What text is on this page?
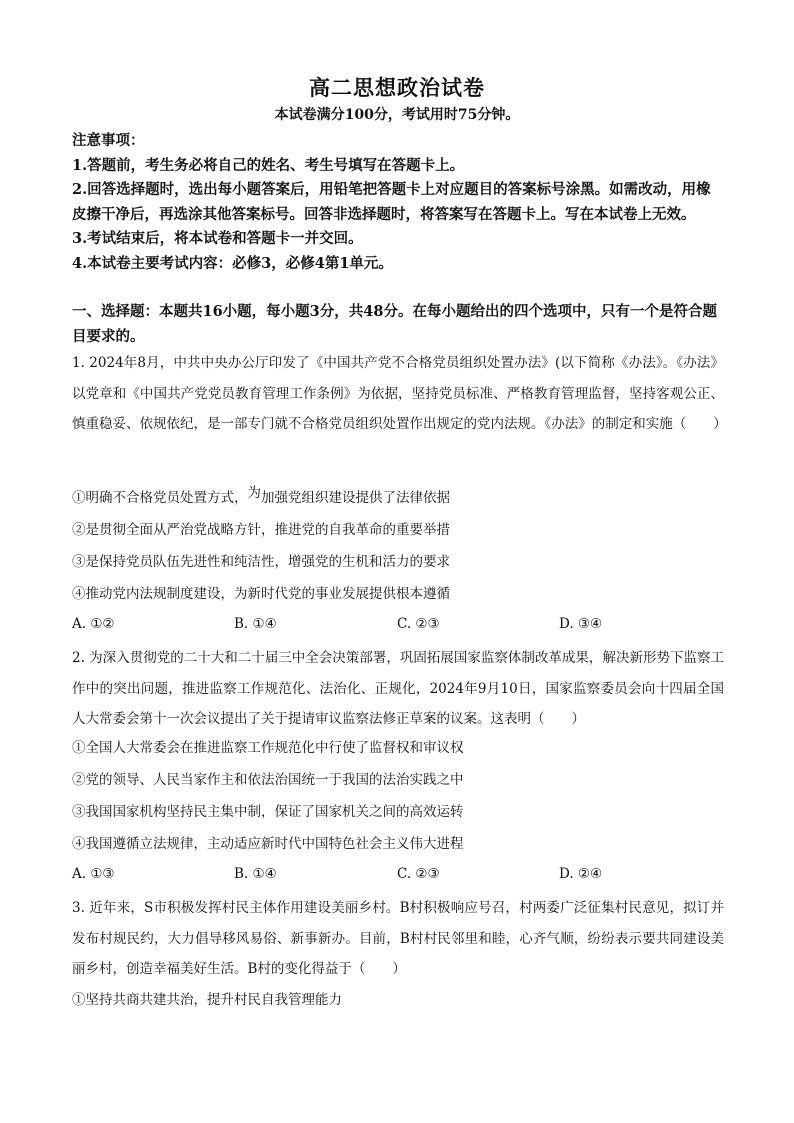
高二思想政治试卷
本试卷满分100分，考试用时75分钟。
注意事项：
1.答题前，考生务必将自己的姓名、考生号填写在答题卡上。
2.回答选择题时，选出每小题答案后，用铅笔把答题卡上对应题目的答案标号涂黑。如需改动，用橡皮擦干净后，再选涂其他答案标号。回答非选择题时，将答案写在答题卡上。写在本试卷上无效。
3.考试结束后，将本试卷和答题卡一并交回。
4.本试卷主要考试内容：必修3，必修4第1单元。
一、选择题：本题共16小题，每小题3分，共48分。在每小题给出的四个选项中，只有一个是符合题目要求的。
1. 2024年8月，中共中央办公厅印发了《中国共产党不合格党员组织处置办法》(以下简称《办法》。《办法》以党章和《中国共产党党员教育管理工作条例》为依据，坚持党员标准、严格教育管理监督，坚持客观公正、慎重稳妥、依规依纪，是一部专门就不合格党员组织处置作出规定的党内法规。《办法》的制定和实施（　　）
①明确不合格党员处置方式，为加强党组织建设提供了法律依据
②是贯彻全面从严治党战略方针，推进党的自我革命的重要举措
③是保持党员队伍先进性和纯洁性，增强党的生机和活力的要求
④推动党内法规制度建设，为新时代党的事业发展提供根本遵循
A. ①②	B. ①④	C. ②③	D. ③④
2. 为深入贯彻党的二十大和二十届三中全会决策部署，巩固拓展国家监察体制改革成果，解决新形势下监察工作中的突出问题，推进监察工作规范化、法治化、正规化，2024年9月10日，国家监察委员会向十四届全国人大常委会第十一次会议提出了关于提请审议监察法修正草案的议案。这表明（　　）
①全国人大常委会在推进监察工作规范化中行使了监督权和审议权
②党的领导、人民当家作主和依法治国统一于我国的法治实践之中
③我国国家机构坚持民主集中制，保证了国家机关之间的高效运转
④我国遵循立法规律，主动适应新时代中国特色社会主义伟大进程
A. ①③	B. ①④	C. ②③	D. ②④
3. 近年来，S市积极发挥村民主体作用建设美丽乡村。B村积极响应号召，村两委广泛征集村民意见，拟订并发布村规民约，大力倡导移风易俗、新事新办。目前，B村村民邻里和睦，心齐气顺，纷纷表示要共同建设美丽乡村，创造幸福美好生活。B村的变化得益于（　　）
①坚持共商共建共治，提升村民自我管理能力
